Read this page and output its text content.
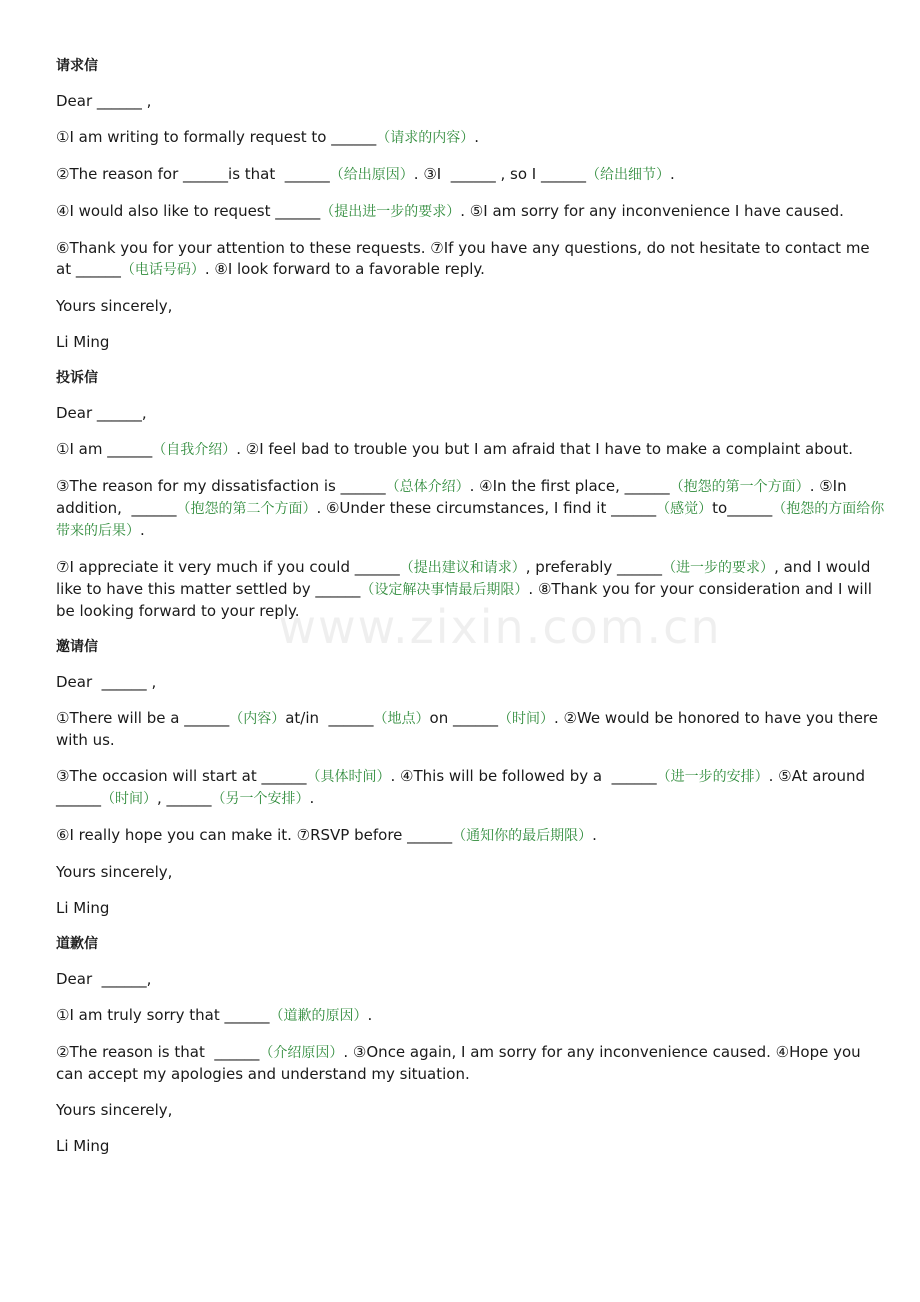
请求信
Dear ______ ,
①I am writing to formally request to ______（请求的内容）.
②The reason for ______is that  ______（给出原因）. ③I  ______ , so I ______（给出细节）.
④I would also like to request ______（提出进一步的要求）. ⑤I am sorry for any inconvenience I have caused.
⑥Thank you for your attention to these requests. ⑦If you have any questions, do not hesitate to contact me at ______（电话号码）. ⑧I look forward to a favorable reply.
Yours sincerely,
Li Ming
投诉信
Dear ______,
①I am ______（自我介绍）. ②I feel bad to trouble you but I am afraid that I have to make a complaint about.
③The reason for my dissatisfaction is ______（总体介绍）. ④In the first place, ______（抱怨的第一个方面）. ⑤In addition,  ______（抱怨的第二个方面）. ⑥Under these circumstances, I find it ______（感觉）to______（抱怨的方面给你带来的后果）.
⑦I appreciate it very much if you could ______（提出建议和请求）, preferably ______（进一步的要求）, and I would like to have this matter settled by ______（设定解决事情最后期限）. ⑧Thank you for your consideration and I will be looking forward to your reply.
邀请信
Dear  ______ ,
①There will be a ______（内容）at/in  ______（地点）on ______（时间）. ②We would be honored to have you there with us.
③The occasion will start at ______（具体时间）. ④This will be followed by a  ______（进一步的安排）. ⑤At around  ______（时间）, ______（另一个安排）.
⑥I really hope you can make it. ⑦RSVP before ______（通知你的最后期限）.
Yours sincerely,
Li Ming
道歉信
Dear  ______,
①I am truly sorry that ______（道歉的原因）.
②The reason is that  ______（介绍原因）. ③Once again, I am sorry for any inconvenience caused. ④Hope you can accept my apologies and understand my situation.
Yours sincerely,
Li Ming
www.zixin.com.cn
